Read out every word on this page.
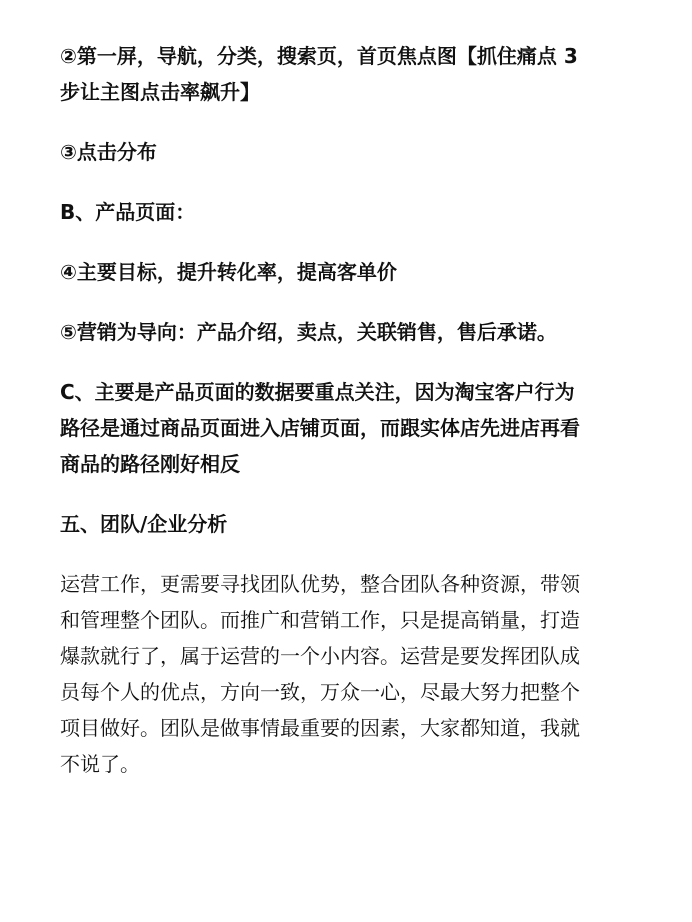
②第一屏，导航，分类，搜索页，首页焦点图【抓住痛点 3
步让主图点击率飙升】

③点击分布

B、产品页面：

④主要目标，提升转化率，提高客单价

⑤营销为导向：产品介绍，卖点，关联销售，售后承诺。

C、主要是产品页面的数据要重点关注，因为淘宝客户行为
路径是通过商品页面进入店铺页面，而跟实体店先进店再看
商品的路径刚好相反

五、团队/企业分析

运营工作，更需要寻找团队优势，整合团队各种资源，带领
和管理整个团队。而推广和营销工作，只是提高销量，打造
爆款就行了，属于运营的一个小内容。运营是要发挥团队成
员每个人的优点，方向一致，万众一心，尽最大努力把整个
项目做好。团队是做事情最重要的因素，大家都知道，我就
不说了。
